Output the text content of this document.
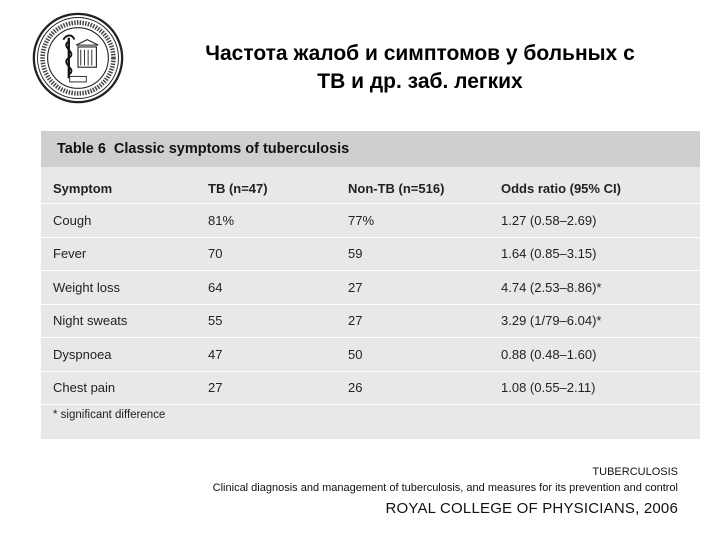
Частота жалоб и симптомов у больных с
ТВ и др. заб. легких
Table 6 Classic symptoms of tuberculosis
Symptom	TB (n=47)	Non-TB (n=516)	Odds ratio (95% CI)
Cough	81%	77%	1.27 (0.58–2.69)
Fever	70	59	1.64 (0.85–3.15)
Weight loss	64	27	4.74 (2.53–8.86)*
Night sweats	55	27	3.29 (1/79–6.04)*
Dyspnoea	47	50	0.88 (0.48–1.60)
Chest pain	27	26	1.08 (0.55–2.11)
* significant difference
TUBERCULOSIS
Clinical diagnosis and management of tuberculosis, and measures for its prevention and control
ROYAL COLLEGE OF PHYSICIANS, 2006
